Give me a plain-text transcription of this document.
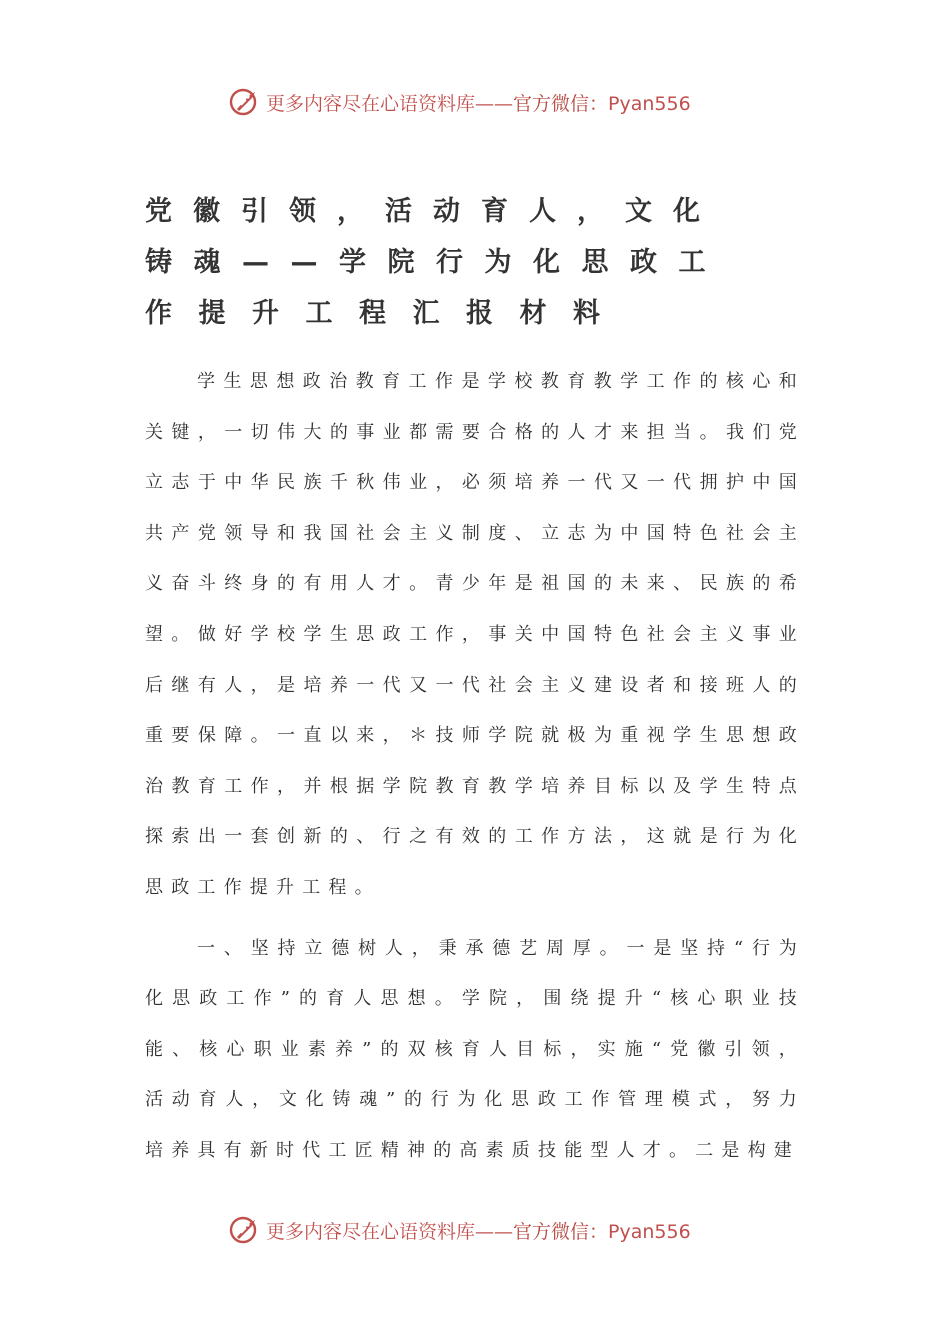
更多内容尽在心语资料库——官方微信：Pyan556
党徽引领，活动育人，文化
铸魂——学院行为化思政工
作提升工程汇报材料

学生思想政治教育工作是学校教育教学工作的核心和关键，一切伟大的事业都需要合格的人才来担当。我们党立志于中华民族千秋伟业，必须培养一代又一代拥护中国共产党领导和我国社会主义制度、立志为中国特色社会主义奋斗终身的有用人才。青少年是祖国的未来、民族的希望。做好学校学生思政工作，事关中国特色社会主义事业后继有人，是培养一代又一代社会主义建设者和接班人的重要保障。一直以来，＊技师学院就极为重视学生思想政治教育工作，并根据学院教育教学培养目标以及学生特点探索出一套创新的、行之有效的工作方法，这就是行为化思政工作提升工程。

一、坚持立德树人，秉承德艺周厚。一是坚持“行为化思政工作”的育人思想。学院，围绕提升“核心职业技能、核心职业素养”的双核育人目标，实施“党徽引领，活动育人，文化铸魂”的行为化思政工作管理模式，努力培养具有新时代工匠精神的高素质技能型人才。二是构建

更多内容尽在心语资料库——官方微信：Pyan556
